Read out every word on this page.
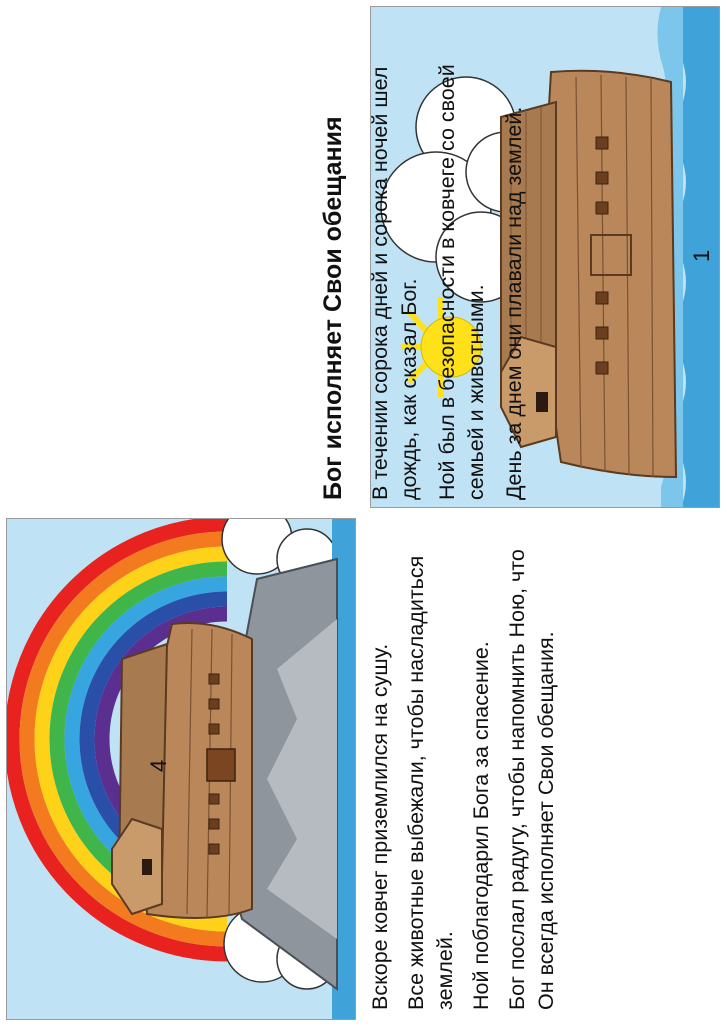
Бог исполняет Свои обещания В течении сорока дней и сорока ночей шел дождь, как сказал Бог. Ной был в безопасности в ковчеге со своей семьей и животными. День за днем они плавали над землей.	1

Вскоре ковчег приземлился на сушу. Все животные выбежали, чтобы насладиться землей. Ной поблагодарил Бога за спасение. Бог послал радугу, чтобы напомнить Ною, что Он всегда исполняет Свои обещания.

4
